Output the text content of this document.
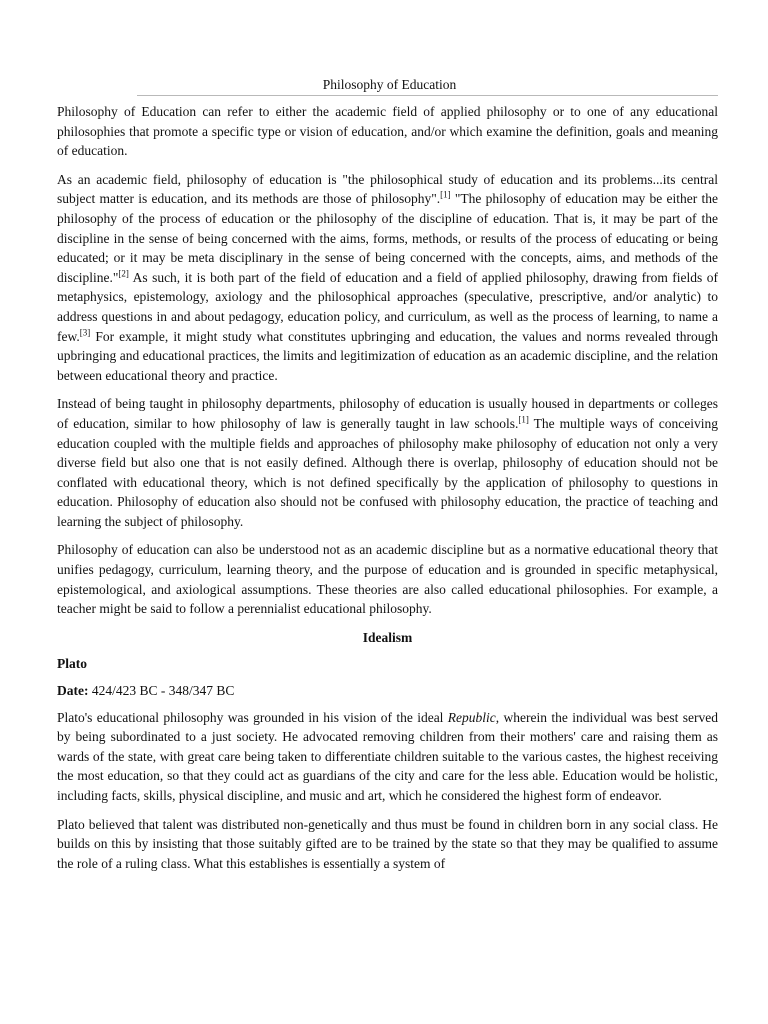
Philosophy of Education

Philosophy of Education can refer to either the academic field of applied philosophy or to one of any educational philosophies that promote a specific type or vision of education, and/or which examine the definition, goals and meaning of education.

As an academic field, philosophy of education is "the philosophical study of education and its problems...its central subject matter is education, and its methods are those of philosophy".[1] "The philosophy of education may be either the philosophy of the process of education or the philosophy of the discipline of education. That is, it may be part of the discipline in the sense of being concerned with the aims, forms, methods, or results of the process of educating or being educated; or it may be meta disciplinary in the sense of being concerned with the concepts, aims, and methods of the discipline."[2] As such, it is both part of the field of education and a field of applied philosophy, drawing from fields of metaphysics, epistemology, axiology and the philosophical approaches (speculative, prescriptive, and/or analytic) to address questions in and about pedagogy, education policy, and curriculum, as well as the process of learning, to name a few.[3] For example, it might study what constitutes upbringing and education, the values and norms revealed through upbringing and educational practices, the limits and legitimization of education as an academic discipline, and the relation between educational theory and practice.

Instead of being taught in philosophy departments, philosophy of education is usually housed in departments or colleges of education, similar to how philosophy of law is generally taught in law schools.[1] The multiple ways of conceiving education coupled with the multiple fields and approaches of philosophy make philosophy of education not only a very diverse field but also one that is not easily defined. Although there is overlap, philosophy of education should not be conflated with educational theory, which is not defined specifically by the application of philosophy to questions in education. Philosophy of education also should not be confused with philosophy education, the practice of teaching and learning the subject of philosophy.

Philosophy of education can also be understood not as an academic discipline but as a normative educational theory that unifies pedagogy, curriculum, learning theory, and the purpose of education and is grounded in specific metaphysical, epistemological, and axiological assumptions. These theories are also called educational philosophies. For example, a teacher might be said to follow a perennialist educational philosophy.

Idealism
Plato
Date: 424/423 BC - 348/347 BC

Plato's educational philosophy was grounded in his vision of the ideal Republic, wherein the individual was best served by being subordinated to a just society. He advocated removing children from their mothers' care and raising them as wards of the state, with great care being taken to differentiate children suitable to the various castes, the highest receiving the most education, so that they could act as guardians of the city and care for the less able. Education would be holistic, including facts, skills, physical discipline, and music and art, which he considered the highest form of endeavor.

Plato believed that talent was distributed non-genetically and thus must be found in children born in any social class. He builds on this by insisting that those suitably gifted are to be trained by the state so that they may be qualified to assume the role of a ruling class. What this establishes is essentially a system of
